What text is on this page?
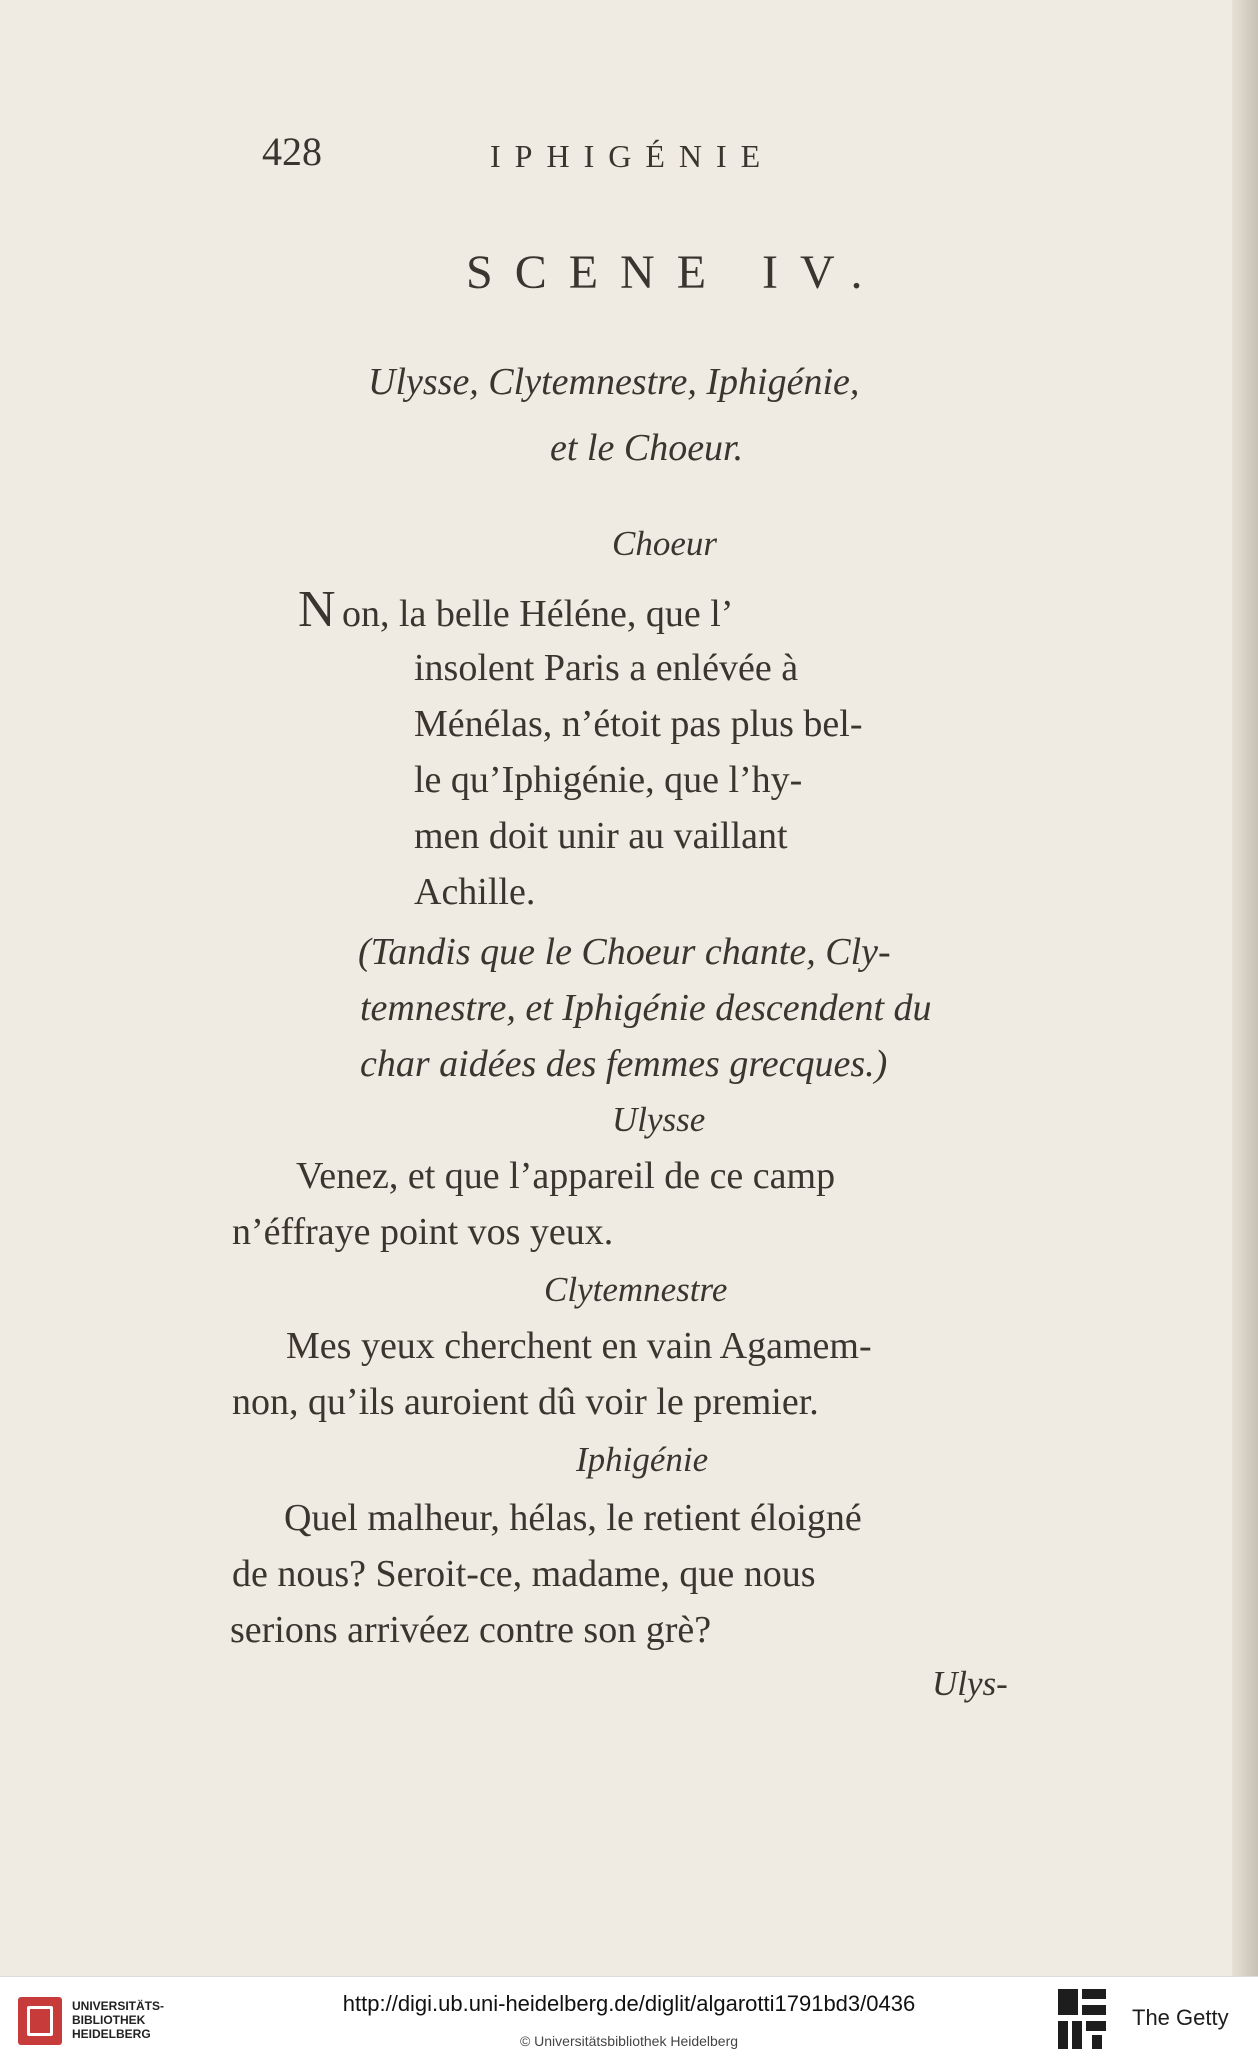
428	IPHIGÉNIE
SCENE IV.
Ulysse, Clytemnestre, Iphigénie,
et le Choeur.
Choeur
N on, la belle Héléne, que l’
insolent Paris a enlévée à
Ménélas, n’étoit pas plus bel-
le qu’Iphigénie, que l’hy-
men doit unir au vaillant
Achille.
(Tandis que le Choeur chante, Cly-
temnestre, et Iphigénie descendent du
char aidées des femmes grecques.)
Ulysse
Venez, et que l’appareil de ce camp
n’éffraye point vos yeux.
Clytemnestre
Mes yeux cherchent en vain Agamem-
non, qu’ils auroient dû voir le premier.
Iphigénie
Quel malheur, hélas, le retient éloigné
de nous? Seroit-ce, madame, que nous
serions arrivéez contre son grè?
Ulys-
UNIVERSITÄTS-
BIBLIOTHEK
HEIDELBERG
http://digi.ub.uni-heidelberg.de/diglit/algarotti1791bd3/0436
© Universitätsbibliothek Heidelberg
The Getty
